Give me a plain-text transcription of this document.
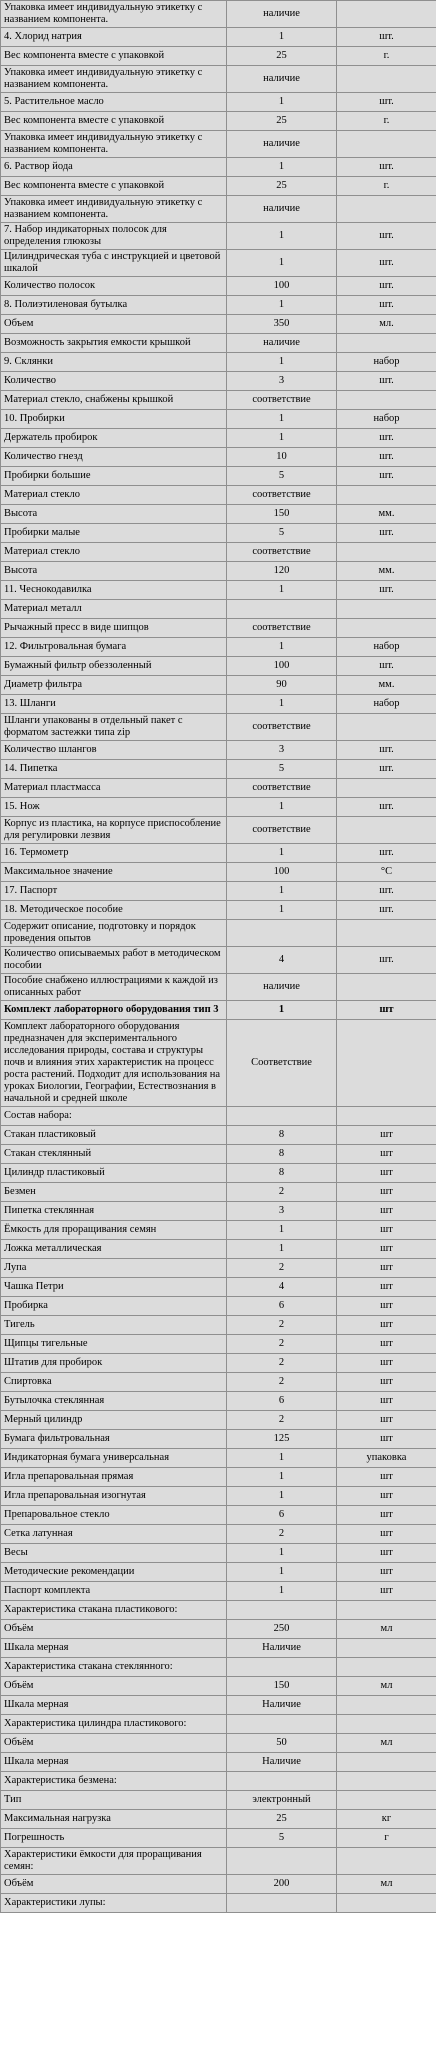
Упаковка имеет индивидуальную этикетку с названием компонента.	наличие	
4. Хлорид натрия	1	шт.
Вес компонента вместе с упаковкой	25	г.
Упаковка имеет индивидуальную этикетку с названием компонента.	наличие	
5. Растительное масло	1	шт.
Вес компонента вместе с упаковкой	25	г.
Упаковка имеет индивидуальную этикетку с названием компонента.	наличие	
6. Раствор йода	1	шт.
Вес компонента вместе с упаковкой	25	г.
Упаковка имеет индивидуальную этикетку с названием компонента.	наличие	
7. Набор индикаторных полосок для определения глюкозы	1	шт.
Цилиндрическая туба с инструкцией и цветовой шкалой	1	шт.
Количество полосок	100	шт.
8. Полиэтиленовая бутылка	1	шт.
Объем	350	мл.
Возможность закрытия емкости крышкой	наличие	
9. Склянки	1	набор
Количество	3	шт.
Материал стекло, снабжены крышкой	соответствие	
10. Пробирки	1	набор
Держатель пробирок	1	шт.
Количество гнезд	10	шт.
Пробирки большие	5	шт.
Материал стекло	соответствие	
Высота	150	мм.
Пробирки малые	5	шт.
Материал стекло	соответствие	
Высота	120	мм.
11. Чеснокодавилка	1	шт.
Материал металл		
Рычажный пресс в виде шипцов	соответствие	
12. Фильтровальная бумага	1	набор
Бумажный фильтр обеззоленный	100	шт.
Диаметр фильтра	90	мм.
13. Шланги	1	набор
Шланги упакованы в отдельный пакет с форматом застежки типа zip	соответствие	
Количество шлангов	3	шт.
14. Пипетка	5	шт.
Материал пластмасса	соответствие	
15. Нож	1	шт.
Корпус из пластика, на корпусе приспособление для регулировки лезвия	соответствие	
16. Термометр	1	шт.
Максимальное значение	100	°С
17. Паспорт	1	шт.
18. Методическое пособие	1	шт.
Содержит описание, подготовку и порядок проведения опытов		
Количество описываемых работ в методическом пособии	4	шт.
Пособие снабжено иллюстрациями к каждой из описанных работ	наличие	
Комплект лабораторного оборудования тип 3	1	шт
Комплект лабораторного оборудования предназначен для экспериментального исследования природы, состава и структуры почв и влияния этих характеристик на процесс роста растений. Подходит для использования на уроках Биологии, Географии, Естествознания в начальной и средней школе	Соответствие	
Состав набора:		
Стакан пластиковый	8	шт
Стакан стеклянный	8	шт
Цилиндр пластиковый	8	шт
Безмен	2	шт
Пипетка стеклянная	3	шт
Ёмкость для проращивания семян	1	шт
Ложка металлическая	1	шт
Лупа	2	шт
Чашка Петри	4	шт
Пробирка	6	шт
Тигель	2	шт
Щипцы тигельные	2	шт
Штатив для пробирок	2	шт
Спиртовка	2	шт
Бутылочка стеклянная	6	шт
Мерный цилиндр	2	шт
Бумага фильтровальная	125	шт
Индикаторная бумага универсальная	1	упаковка
Игла препаровальная прямая	1	шт
Игла препаровальная изогнутая	1	шт
Препаровальное стекло	6	шт
Сетка латунная	2	шт
Весы	1	шт
Методические рекомендации	1	шт
Паспорт комплекта	1	шт
Характеристика стакана пластикового:		
Объём	250	мл
Шкала мерная	Наличие	
Характеристика стакана стеклянного:		
Объём	150	мл
Шкала мерная	Наличие	
Характеристика цилиндра пластикового:		
Объём	50	мл
Шкала мерная	Наличие	
Характеристика безмена:		
Тип	электронный	
Максимальная нагрузка	25	кг
Погрешность	5	г
Характеристики ёмкости для проращивания семян:		
Объём	200	мл
Характеристики лупы:		
